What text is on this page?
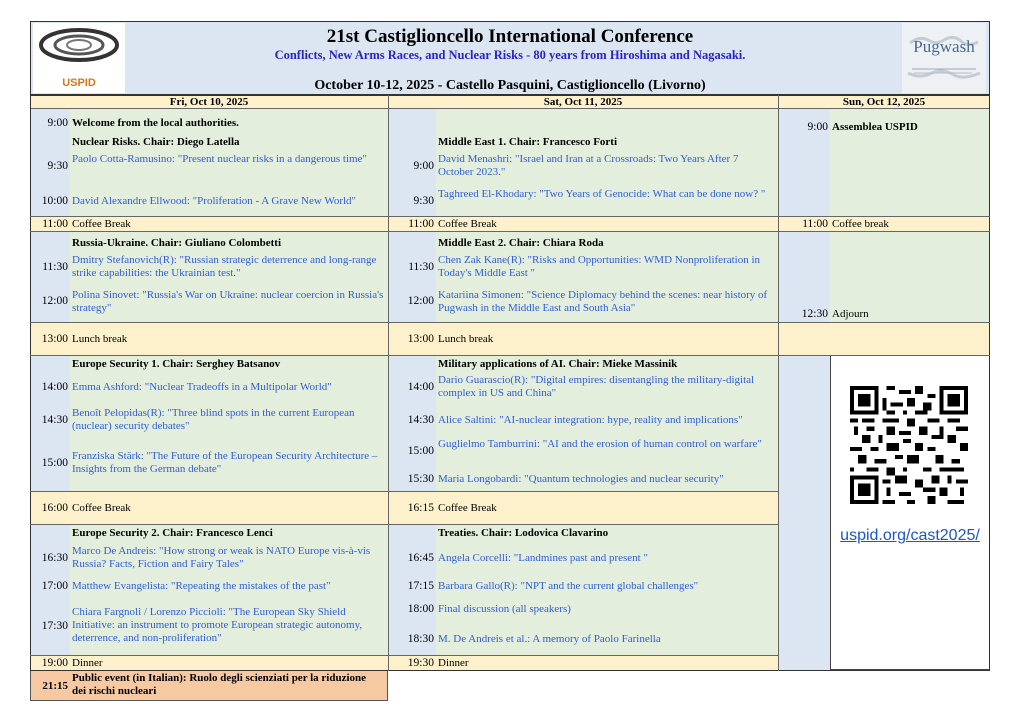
USPID
Pugwash
21st Castiglioncello International Conference
Conflicts, New Arms Races, and Nuclear Risks - 80 years from Hiroshima and Nagasaki.
October 10-12, 2025 - Castello Pasquini, Castiglioncello (Livorno)
Fri, Oct 10, 2025	Sat, Oct 11, 2025	Sun, Oct 12, 2025
9:00 Welcome from the local authorities.
Nuclear Risks. Chair: Diego Latella
9:30
Paolo Cotta-Ramusino: "Present nuclear risks in a dangerous time"
10:00 David Alexandre Ellwood: "Proliferation - A Grave New World"
11:00 Coffee Break
Russia-Ukraine. Chair: Giuliano Colombetti
11:30
Dmitry Stefanovich(R): "Russian strategic deterrence and long-range strike capabilities: the Ukrainian test."
12:00 Polina Sinovet: "Russia's War on Ukraine: nuclear coercion in Russia's strategy"
13:00 Lunch break
Europe Security 1. Chair: Serghey Batsanov
14:00 Emma Ashford: "Nuclear Tradeoffs in a Multipolar World"
14:30
Benoît Pelopidas(R): "Three blind spots in the current European (nuclear) security debates"
15:00
Franziska Stärk: "The Future of the European Security Architecture – Insights from the German debate"
16:00 Coffee Break
Europe Security 2. Chair: Francesco Lenci
16:30
Marco De Andreis: "How strong or weak is NATO Europe vis-à-vis Russia? Facts, Fiction and Fairy Tales"
17:00 Matthew Evangelista: "Repeating the mistakes of the past"
17:30
Chiara Fargnoli / Lorenzo Piccioli: "The European Sky Shield Initiative: an instrument to promote European strategic autonomy, deterrence, and non-proliferation"
19:00 Dinner
21:15
Public event (in Italian): Ruolo degli scienziati per la riduzione dei rischi nucleari
Middle East 1. Chair: Francesco Forti
9:00
David Menashri: "Israel and Iran at a Crossroads: Two Years After 7 October 2023."
9:30
Taghreed El-Khodary: "Two Years of Genocide: What can be done now? "
11:00 Coffee Break
Middle East 2. Chair: Chiara Roda
11:30
Chen Zak Kane(R): "Risks and Opportunities: WMD Nonproliferation in Today's Middle East "
12:00 Katariina Simonen: "Science Diplomacy behind the scenes: near history of Pugwash in the Middle East and South Asia"
13:00 Lunch break
Military applications of AI. Chair: Mieke Massinik
14:00
Dario Guarascio(R): "Digital empires: disentangling the military-digital complex in US and China"
14:30 Alice Saltini: "AI-nuclear integration: hype, reality and implications"
15:00
Guglielmo Tamburrini: "AI and the erosion of human control on warfare"
15:30 Maria Longobardi: "Quantum technologies and nuclear security"
16:15 Coffee Break
Treaties. Chair: Lodovica Clavarino
16:45 Angela Corcelli: "Landmines past and present "
17:15 Barbara Gallo(R): "NPT and the current global challenges"
18:00 Final discussion (all speakers)
18:30 M. De Andreis et al.: A memory of Paolo Farinella
19:30 Dinner
9:00 Assemblea USPID
11:00 Coffee break
12:30 Adjourn
uspid.org/cast2025/
